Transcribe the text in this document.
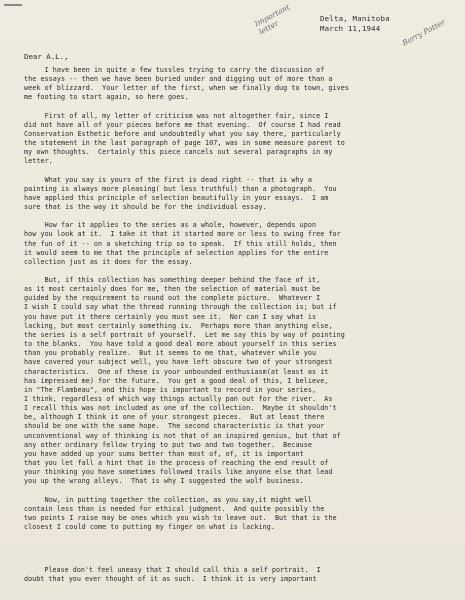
Important letter	Barry Potter
Delta, Manitoba
March 11,1944
Dear A.L.,

I have been in quite a few tussles trying to carry the discussion of
the essays -- then we have been buried under and digging out of more than a
week of blizzard.  Your letter of the first, when we finally dug to town, gives
me footing to start again, so here goes.

First of all, my letter of criticism was not altogether fair, since I
did not have all of your pieces before me that evening.  Of course I had read
Conservation Esthetic before and undoubtedly what you say there, particularly
the statement in the last paragraph of page 107, was in some measure parent to
my own thoughts.  Certainly this piece cancels out several paragraphs in my
letter.

What you say is yours of the first is dead right -- that is why a
painting is always more pleasing( but less truthful) than a photograph.  You
have applied this principle of selection beautifully in your essays.  I am
sure that is the way it should be for the individual essay.

How far it applies to the series as a whole, however, depends upon
how you look at it.  I take it that it started more or less to swing free for
the fun of it -- on a sketching trip so to speak.  If this still holds, then
it would seem to me that the principle of selection applies for the entire
collection just as it does for the essay.

But, if this collection has something deeper behind the face of it,
as it most certainly does for me, then the selection of material must be
guided by the requirement to round out the complete picture.  Whatever I
I wish I could say what the thread running through the collection is; but if
you have put it there certainly you must see it.  Nor can I say what is
lacking, but most certainly something is.  Perhaps more than anything else,
the series is a self portrait of yourself.  Let me say this by way of pointing
to the blanks.  You have told a good deal more about yourself in this series
than you probably realize.  But it seems to me that, whatever while you
have covered your subject well, you have left obscure two of your strongest
characteristics.  One of these is your unbounded enthusiasm(at least as it
has impressed me) for the future.  You get a good deal of this, I believe,
in "The Flambeau", and this hope is important to record in your series,
I think, regardless of which way things actually pan out for the river.  As
I recall this was not included as one of the collection.  Maybe it shouldn't
be, although I think it one of your strongest pieces.  But at least there
should be one with the same hope.  The second characteristic is that your
unconventional way of thinking is not that of an inspired genius, but that of
any other ordinary fellow trying to put two and two together.  Because
you have added up your sums better than most of, of, it is important
that you let fall a hint that in the process of reaching the end result of
your thinking you have sometimes followed trails like anyone else that lead
you up the wrong alleys.  That is why I suggested the wolf business.

Now, in putting together the collection, as you say,it might well
contain less than is needed for ethical judgment.  And quite possibly the
two points I raise may be ones which you wish to leave out.  But that is the
closest I could come to putting my finger on what is lacking.

Please don't feel uneasy that I should call this a self portrait.  I
doubt that you ever thought of it as such.  I think it is very important
